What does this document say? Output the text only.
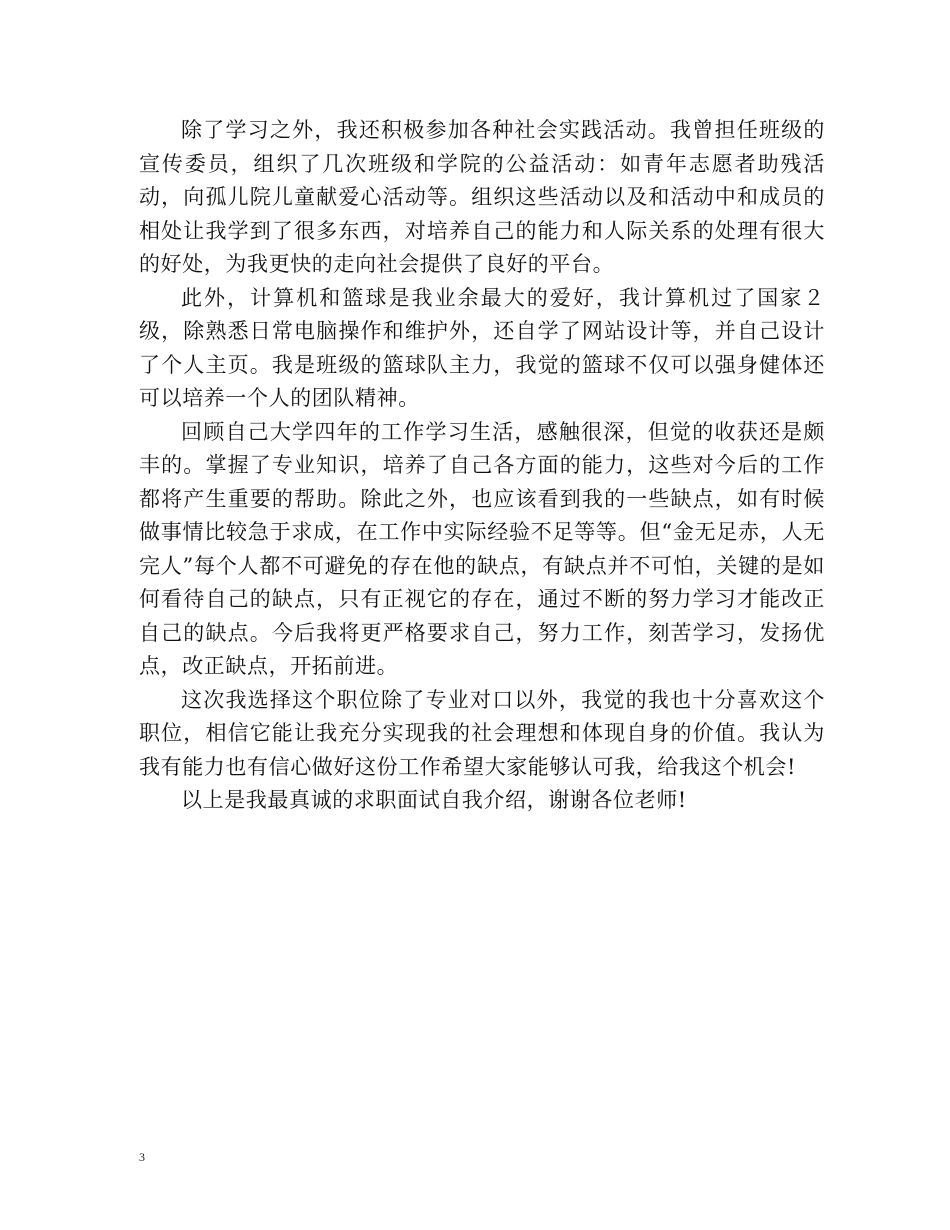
除了学习之外，我还积极参加各种社会实践活动。我曾担任班级的宣传委员，组织了几次班级和学院的公益活动：如青年志愿者助残活动，向孤儿院儿童献爱心活动等。组织这些活动以及和活动中和成员的相处让我学到了很多东西，对培养自己的能力和人际关系的处理有很大的好处，为我更快的走向社会提供了良好的平台。

此外，计算机和篮球是我业余最大的爱好，我计算机过了国家２级，除熟悉日常电脑操作和维护外，还自学了网站设计等，并自己设计了个人主页。我是班级的篮球队主力，我觉的篮球不仅可以强身健体还可以培养一个人的团队精神。

回顾自己大学四年的工作学习生活，感触很深，但觉的收获还是颇丰的。掌握了专业知识，培养了自己各方面的能力，这些对今后的工作都将产生重要的帮助。除此之外，也应该看到我的一些缺点，如有时候做事情比较急于求成，在工作中实际经验不足等等。但“金无足赤，人无完人”每个人都不可避免的存在他的缺点，有缺点并不可怕，关键的是如何看待自己的缺点，只有正视它的存在，通过不断的努力学习才能改正自己的缺点。今后我将更严格要求自己，努力工作，刻苦学习，发扬优点，改正缺点，开拓前进。

这次我选择这个职位除了专业对口以外，我觉的我也十分喜欢这个职位，相信它能让我充分实现我的社会理想和体现自身的价值。我认为我有能力也有信心做好这份工作希望大家能够认可我，给我这个机会!

以上是我最真诚的求职面试自我介绍，谢谢各位老师!

3
